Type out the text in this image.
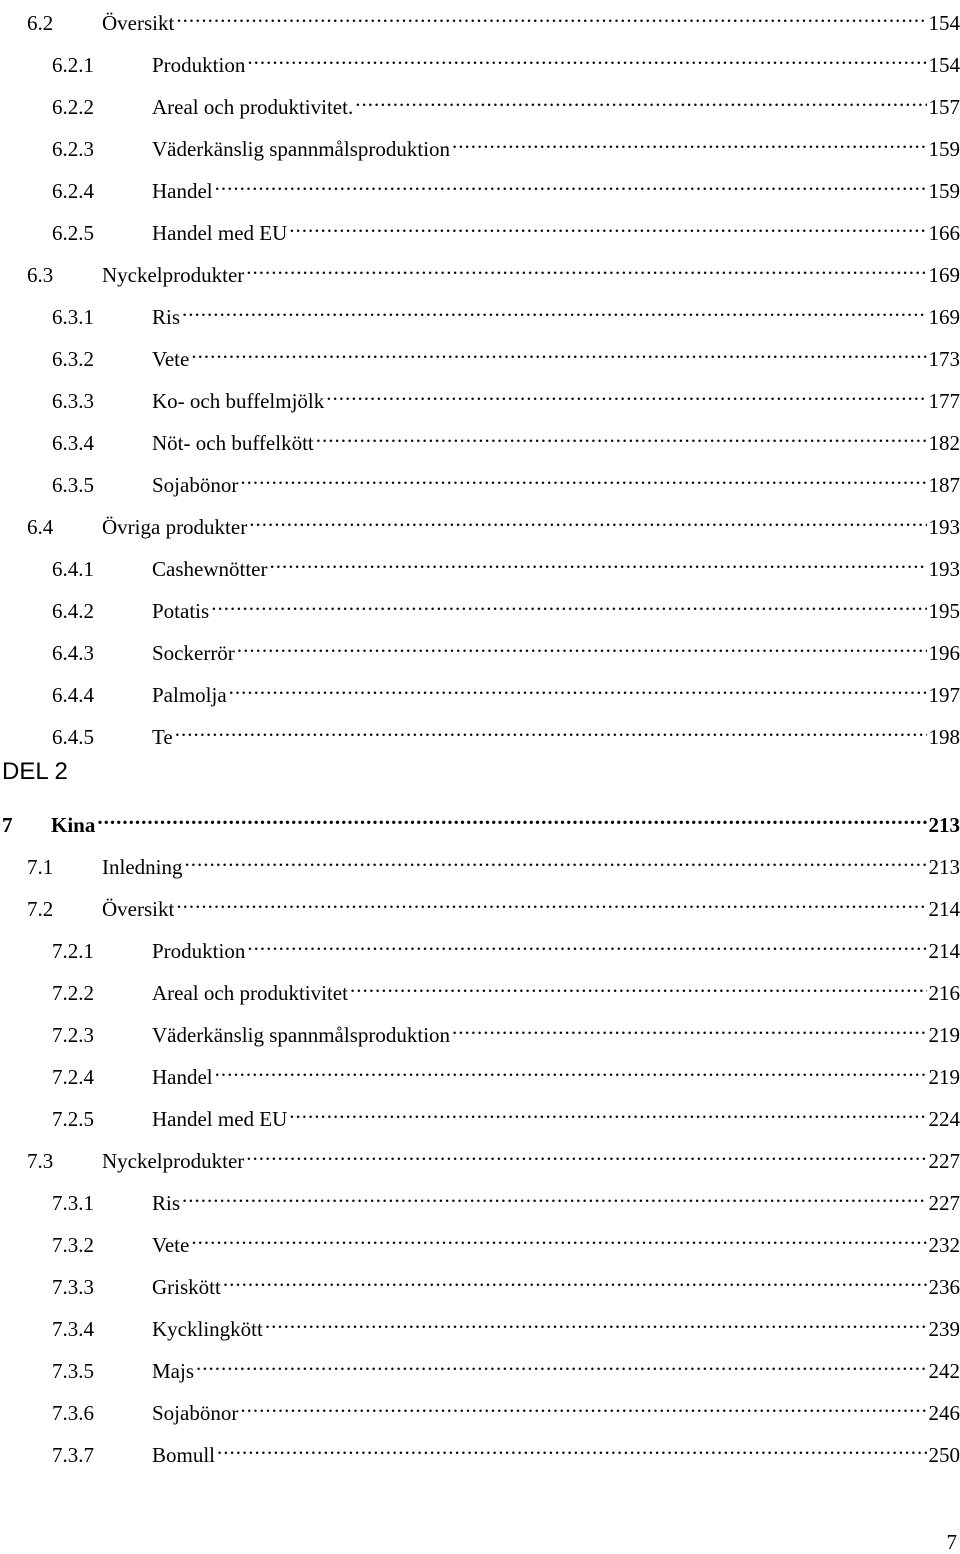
DEL 2
6.2	Översikt .....	154
6.2.1	Produktion .....	154
6.2.2	Areal och produktivitet. .....	157
6.2.3	Väderkänslig spannmålsproduktion .....	159
6.2.4	Handel .....	159
6.2.5	Handel med EU .....	166
6.3	Nyckelprodukter .....	169
6.3.1	Ris .....	169
6.3.2	Vete .....	173
6.3.3	Ko- och buffelmjölk .....	177
6.3.4	Nöt- och buffelkött .....	182
6.3.5	Sojabönor .....	187
6.4	Övriga produkter .....	193
6.4.1	Cashewnötter .....	193
6.4.2	Potatis .....	195
6.4.3	Sockerrör .....	196
6.4.4	Palmolja .....	197
6.4.5	Te .....	198
7	Kina .....	213
7.1	Inledning .....	213
7.2	Översikt .....	214
7.2.1	Produktion .....	214
7.2.2	Areal och produktivitet .....	216
7.2.3	Väderkänslig spannmålsproduktion .....	219
7.2.4	Handel .....	219
7.2.5	Handel med EU .....	224
7.3	Nyckelprodukter .....	227
7.3.1	Ris .....	227
7.3.2	Vete .....	232
7.3.3	Griskött .....	236
7.3.4	Kycklingkött .....	239
7.3.5	Majs .....	242
7.3.6	Sojabönor .....	246
7.3.7	Bomull .....	250
7
